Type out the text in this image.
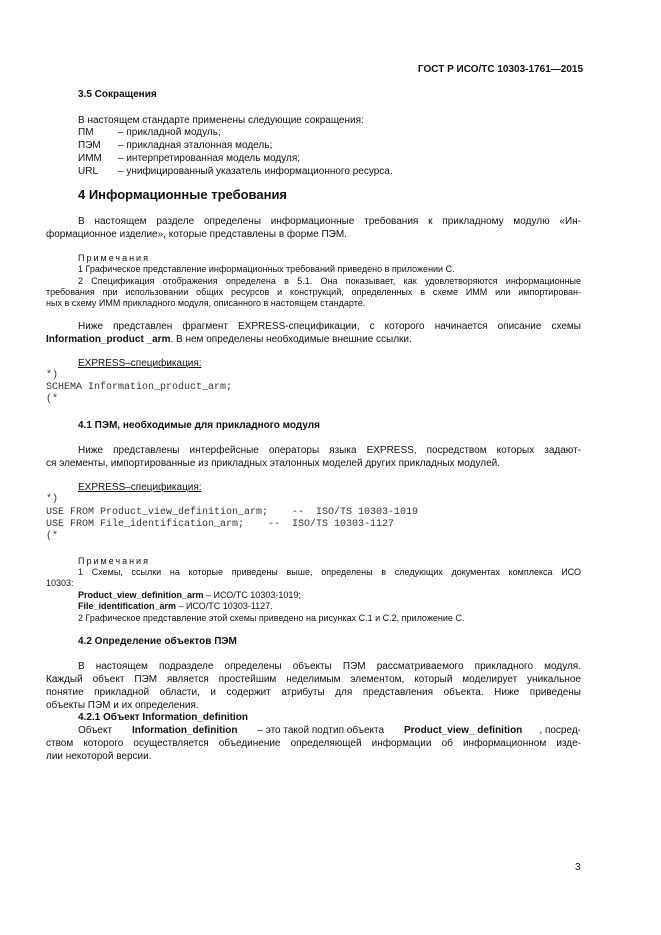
ГОСТ Р ИСО/ТС 10303-1761—2015
3.5 Сокращения
В настоящем стандарте применены следующие сокращения:
ПМ – прикладной модуль;
ПЭМ – прикладная эталонная модель;
ИММ – интерпретированная модель модуля;
URL – унифицированный указатель информационного ресурса.
4 Информационные требования
В настоящем разделе определены информационные требования к прикладному модулю «Ин-
формационное изделие», которые представлены в форме ПЭМ.
Примечания
1 Графическое представление информационных требований приведено в приложении С.
2 Спецификация отображения определена в 5.1. Она показывает, как удовлетворяются информационные
требования при использовании общих ресурсов и конструкций, определенных в схеме ИММ или импортирован-
ных в схему ИММ прикладного модуля, описанного в настоящем стандарте.
Ниже представлен фрагмент EXPRESS-спецификации, с которого начинается описание схемы
Information_product _arm. В нем определены необходимые внешние ссылки.
EXPRESS–спецификация:
*)
SCHEMA Information_product_arm;
(*
4.1 ПЭМ, необходимые для прикладного модуля
Ниже представлены интерфейсные операторы языка EXPRESS, посредством которых задают-
ся элементы, импортированные из прикладных эталонных моделей других прикладных модулей.
EXPRESS–спецификация:
*)
USE FROM Product_view_definition_arm;    --  ISO/TS 10303-1019
USE FROM File_identification_arm;    --  ISO/TS 10303-1127
(*
Примечания
1 Схемы, ссылки на которые приведены выше, определены в следующих документах комплекса ИСО
10303:
Product_view_definition_arm – ИСО/ТС 10303-1019;
File_identification_arm – ИСО/ТС 10303-1127.
2 Графическое представление этой схемы приведено на рисунках С.1 и С.2, приложение С.
4.2 Определение объектов ПЭМ
В настоящем подразделе определены объекты ПЭМ рассматриваемого прикладного модуля.
Каждый объект ПЭМ является простейшим неделимым элементом, который моделирует уникальное
понятие прикладной области, и содержит атрибуты для представления объекта. Ниже приведены
объекты ПЭМ и их определения.
4.2.1 Объект Information_definition
Объект Information_definition – это такой подтип объекта Product_view_ definition , посред-
ством которого осуществляется объединение определяющей информации об информационном изде-
лии некоторой версии.
3
